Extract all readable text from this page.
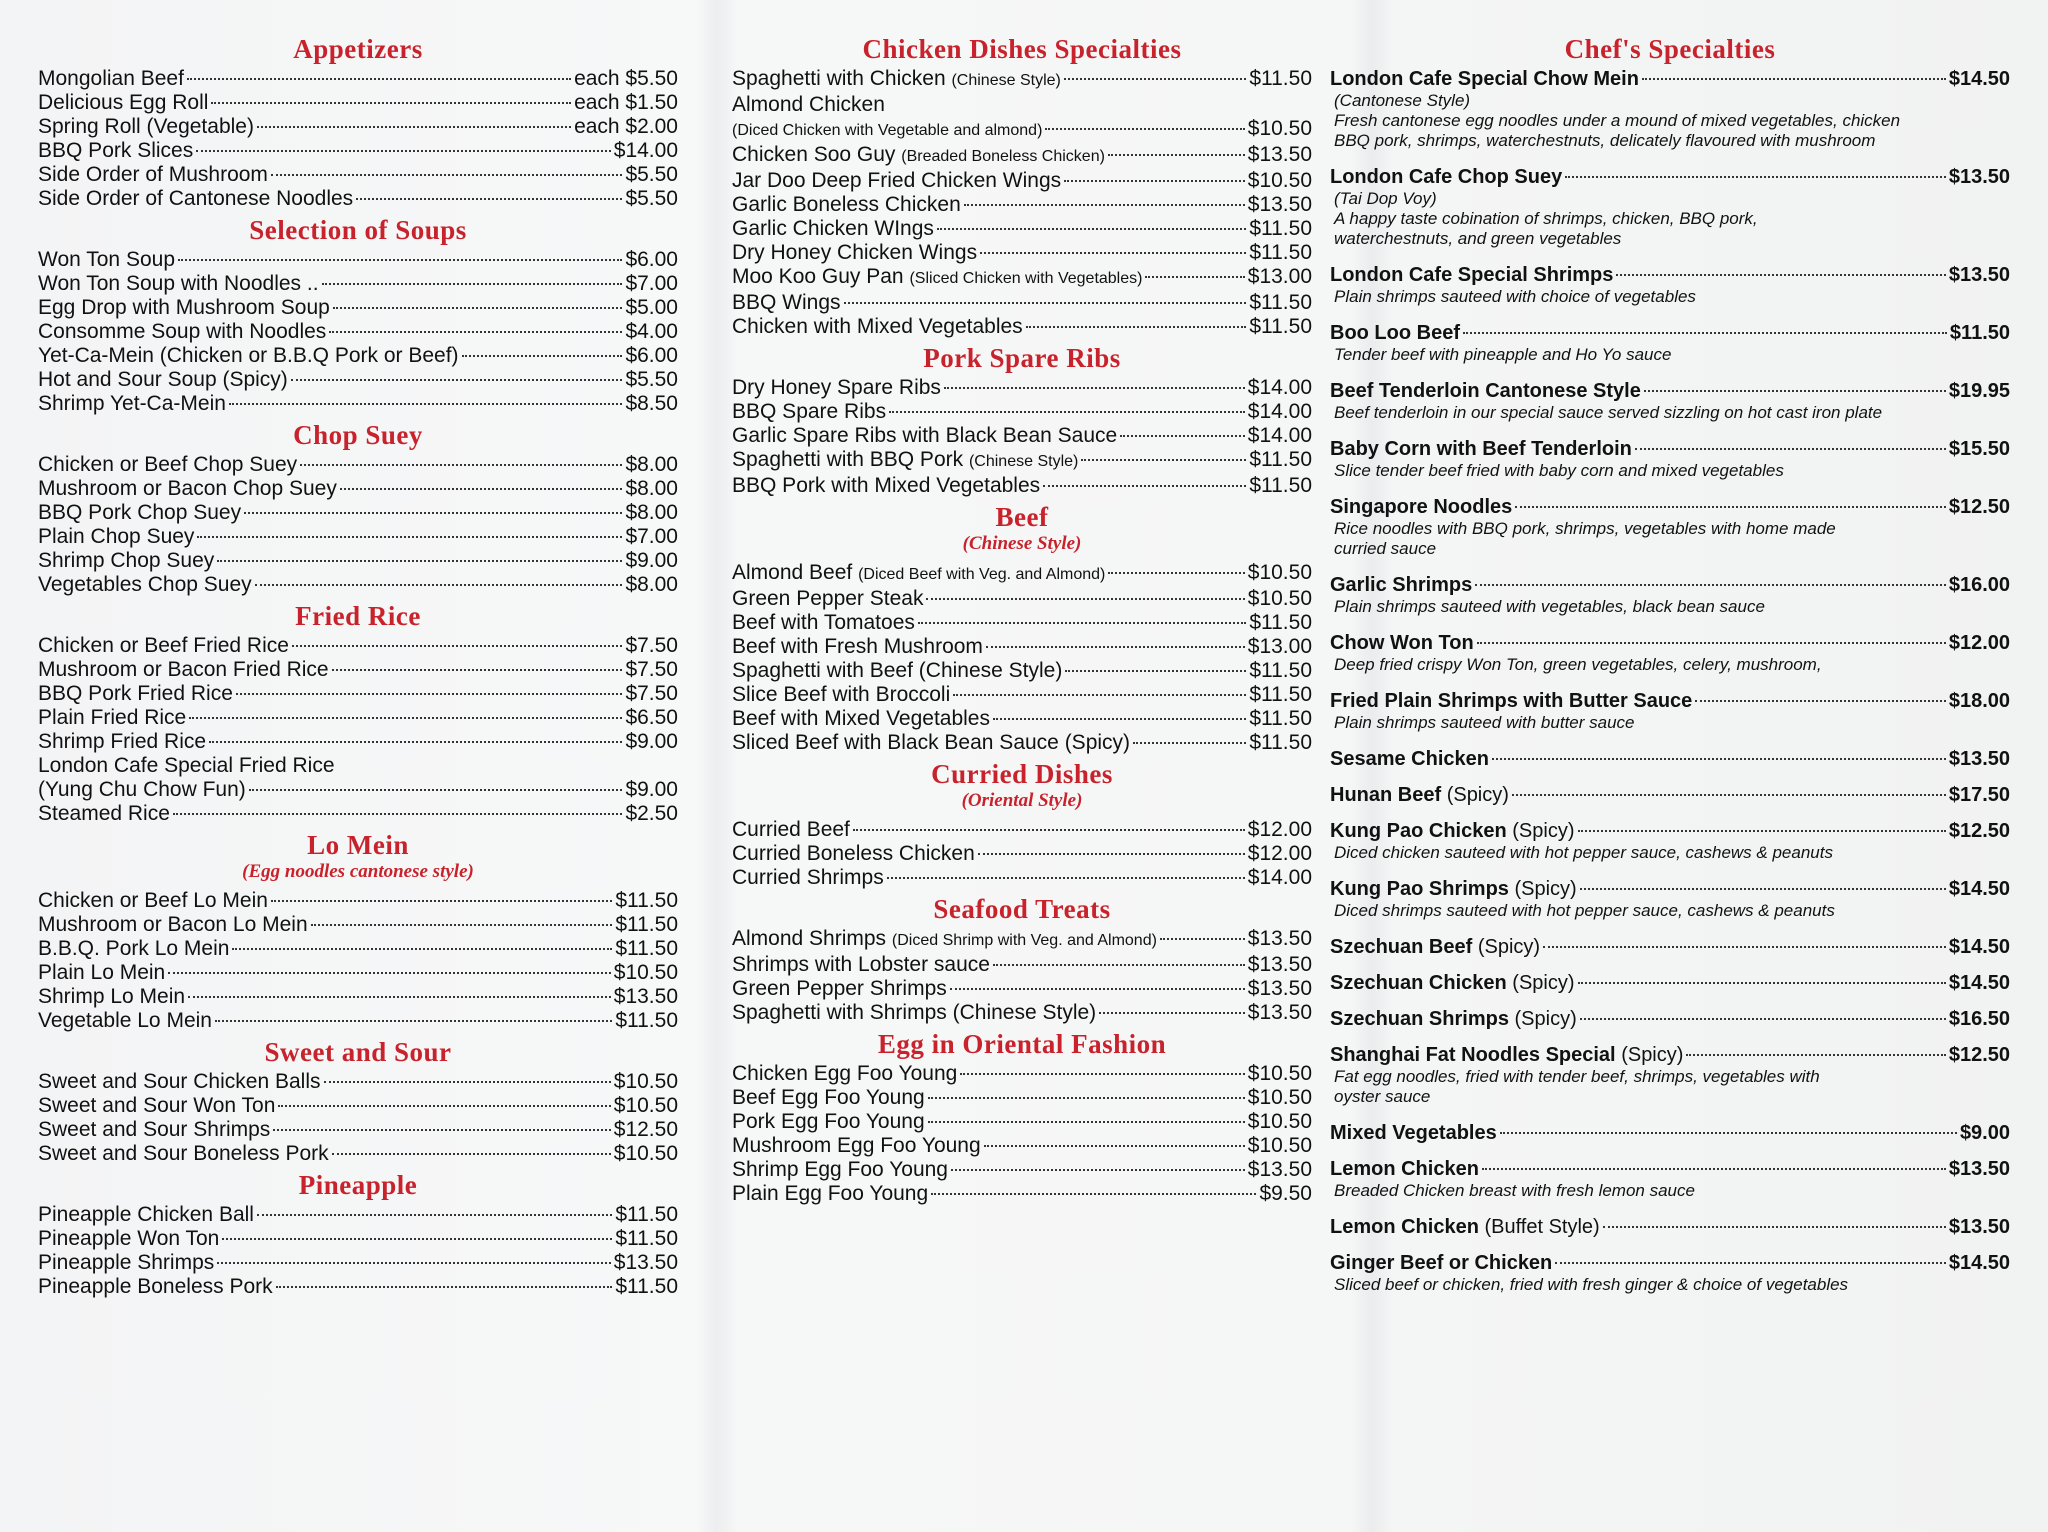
Appetizers
Mongolian Beef	each $5.50
Delicious Egg Roll	each $1.50
Spring Roll (Vegetable)	each $2.00
BBQ Pork Slices	$14.00
Side Order of Mushroom	$5.50
Side Order of Cantonese Noodles	$5.50
Selection of Soups
Won Ton Soup	$6.00
Won Ton Soup with Noodles ..	$7.00
Egg Drop with Mushroom Soup	$5.00
Consomme Soup with Noodles	$4.00
Yet-Ca-Mein (Chicken or B.B.Q Pork or Beef)	$6.00
Hot and Sour Soup (Spicy)	$5.50
Shrimp Yet-Ca-Mein	$8.50
Chop Suey
Chicken or Beef Chop Suey	$8.00
Mushroom or Bacon Chop Suey	$8.00
BBQ Pork Chop Suey	$8.00
Plain Chop Suey	$7.00
Shrimp Chop Suey	$9.00
Vegetables Chop Suey	$8.00
Fried Rice
Chicken or Beef Fried Rice	$7.50
Mushroom or Bacon Fried Rice	$7.50
BBQ Pork Fried Rice	$7.50
Plain Fried Rice	$6.50
Shrimp Fried Rice	$9.00
London Cafe Special Fried Rice
(Yung Chu Chow Fun)	$9.00
Steamed Rice	$2.50
Lo Mein
(Egg noodles cantonese style)
Chicken or Beef Lo Mein	$11.50
Mushroom or Bacon Lo Mein	$11.50
B.B.Q. Pork Lo Mein	$11.50
Plain Lo Mein	$10.50
Shrimp Lo Mein	$13.50
Vegetable Lo Mein	$11.50
Sweet and Sour
Sweet and Sour Chicken Balls	$10.50
Sweet and Sour Won Ton	$10.50
Sweet and Sour Shrimps	$12.50
Sweet and Sour Boneless Pork	$10.50
Pineapple
Pineapple Chicken Ball	$11.50
Pineapple Won Ton	$11.50
Pineapple Shrimps	$13.50
Pineapple Boneless Pork	$11.50
Chicken Dishes Specialties
Spaghetti with Chicken (Chinese Style)	$11.50
Almond Chicken
(Diced Chicken with Vegetable and almond)	$10.50
Chicken Soo Guy (Breaded Boneless Chicken)	$13.50
Jar Doo Deep Fried Chicken Wings	$10.50
Garlic Boneless Chicken	$13.50
Garlic Chicken WIngs	$11.50
Dry Honey Chicken Wings	$11.50
Moo Koo Guy Pan (Sliced Chicken with Vegetables)	$13.00
BBQ Wings	$11.50
Chicken with Mixed Vegetables	$11.50
Pork Spare Ribs
Dry Honey Spare Ribs	$14.00
BBQ Spare Ribs	$14.00
Garlic Spare Ribs with Black Bean Sauce	$14.00
Spaghetti with BBQ Pork (Chinese Style)	$11.50
BBQ Pork with Mixed Vegetables	$11.50
Beef
(Chinese Style)
Almond Beef (Diced Beef with Veg. and Almond)	$10.50
Green Pepper Steak	$10.50
Beef with Tomatoes	$11.50
Beef with Fresh Mushroom	$13.00
Spaghetti with Beef (Chinese Style)	$11.50
Slice Beef with Broccoli	$11.50
Beef with Mixed Vegetables	$11.50
Sliced Beef with Black Bean Sauce (Spicy)	$11.50
Curried Dishes
(Oriental Style)
Curried Beef	$12.00
Curried Boneless Chicken	$12.00
Curried Shrimps	$14.00
Seafood Treats
Almond Shrimps (Diced Shrimp with Veg. and Almond)	$13.50
Shrimps with Lobster sauce	$13.50
Green Pepper Shrimps	$13.50
Spaghetti with Shrimps (Chinese Style)	$13.50
Egg in Oriental Fashion
Chicken Egg Foo Young	$10.50
Beef Egg Foo Young	$10.50
Pork Egg Foo Young	$10.50
Mushroom Egg Foo Young	$10.50
Shrimp Egg Foo Young	$13.50
Plain Egg Foo Young	$9.50
Chef's Specialties
London Cafe Special Chow Mein	$14.50
(Cantonese Style)
Fresh cantonese egg noodles under a mound of mixed vegetables, chicken
BBQ pork, shrimps, waterchestnuts, delicately flavoured with mushroom
London Cafe Chop Suey	$13.50
(Tai Dop Voy)
A happy taste cobination of shrimps, chicken, BBQ pork,
waterchestnuts, and green vegetables
London Cafe Special Shrimps	$13.50
Plain shrimps sauteed with choice of vegetables
Boo Loo Beef	$11.50
Tender beef with pineapple and Ho Yo sauce
Beef Tenderloin Cantonese Style	$19.95
Beef tenderloin in our special sauce served sizzling on hot cast iron plate
Baby Corn with Beef Tenderloin	$15.50
Slice tender beef fried with baby corn and mixed vegetables
Singapore Noodles	$12.50
Rice noodles with BBQ pork, shrimps, vegetables with home made
curried sauce
Garlic Shrimps	$16.00
Plain shrimps sauteed with vegetables, black bean sauce
Chow Won Ton	$12.00
Deep fried crispy Won Ton, green vegetables, celery, mushroom,
Fried Plain Shrimps with Butter Sauce	$18.00
Plain shrimps sauteed with butter sauce
Sesame Chicken	$13.50
Hunan Beef (Spicy)	$17.50
Kung Pao Chicken (Spicy)	$12.50
Diced chicken sauteed with hot pepper sauce, cashews & peanuts
Kung Pao Shrimps (Spicy)	$14.50
Diced shrimps sauteed with hot pepper sauce, cashews & peanuts
Szechuan Beef (Spicy)	$14.50
Szechuan Chicken (Spicy)	$14.50
Szechuan Shrimps (Spicy)	$16.50
Shanghai Fat Noodles Special (Spicy)	$12.50
Fat egg noodles, fried with tender beef, shrimps, vegetables with
oyster sauce
Mixed Vegetables	$9.00
Lemon Chicken	$13.50
Breaded Chicken breast with fresh lemon sauce
Lemon Chicken (Buffet Style)	$13.50
Ginger Beef or Chicken	$14.50
Sliced beef or chicken, fried with fresh ginger & choice of vegetables
